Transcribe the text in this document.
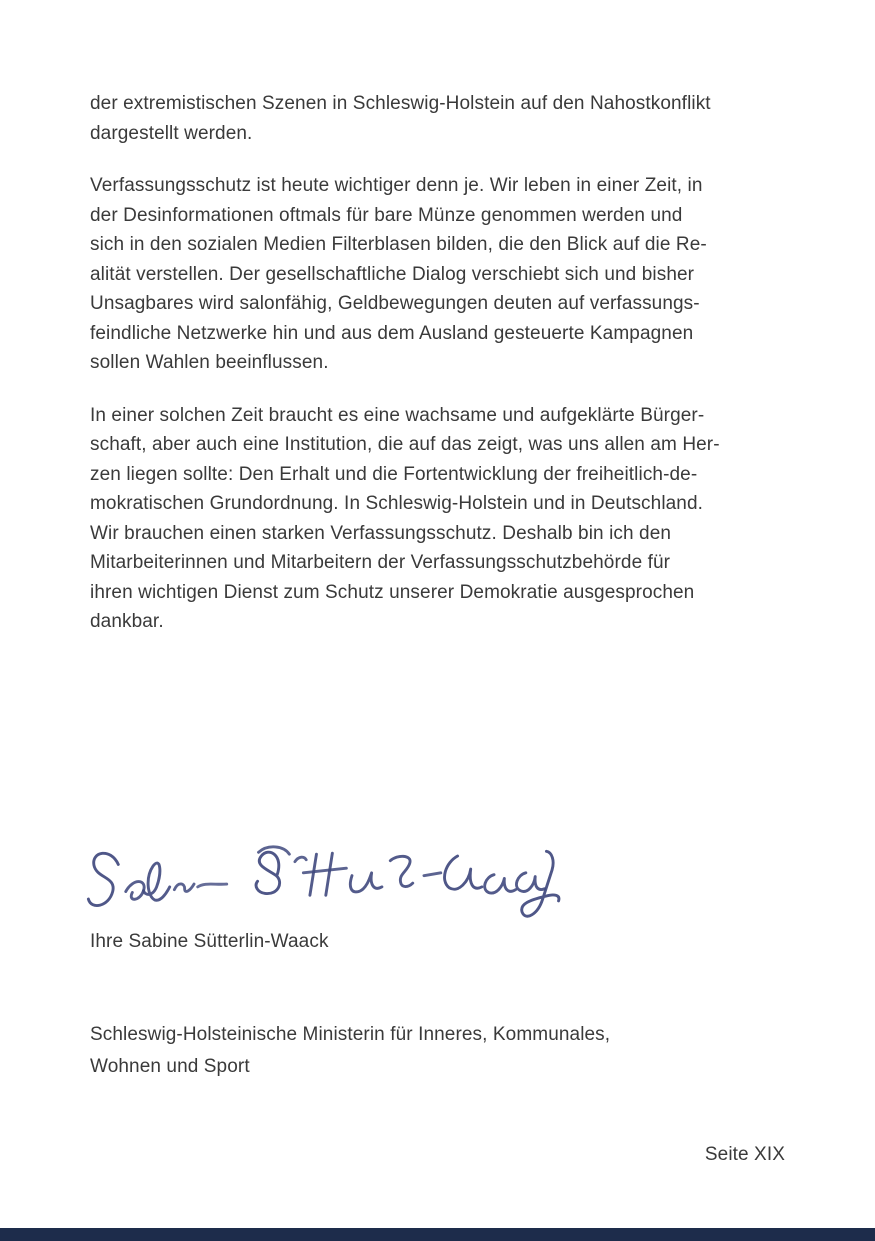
der extremistischen Szenen in Schleswig-Holstein auf den Nahostkonflikt
dargestellt werden.

Verfassungsschutz ist heute wichtiger denn je. Wir leben in einer Zeit, in
der Desinformationen oftmals für bare Münze genommen werden und
sich in den sozialen Medien Filterblasen bilden, die den Blick auf die Re-
alität verstellen. Der gesellschaftliche Dialog verschiebt sich und bisher
Unsagbares wird salonfähig, Geldbewegungen deuten auf verfassungs-
feindliche Netzwerke hin und aus dem Ausland gesteuerte Kampagnen
sollen Wahlen beeinflussen.

In einer solchen Zeit braucht es eine wachsame und aufgeklärte Bürger-
schaft, aber auch eine Institution, die auf das zeigt, was uns allen am Her-
zen liegen sollte: Den Erhalt und die Fortentwicklung der freiheitlich-de-
mokratischen Grundordnung. In Schleswig-Holstein und in Deutschland.
Wir brauchen einen starken Verfassungsschutz. Deshalb bin ich den
Mitarbeiterinnen und Mitarbeitern der Verfassungsschutzbehörde für
ihren wichtigen Dienst zum Schutz unserer Demokratie ausgesprochen
dankbar.

Ihre Sabine Sütterlin-Waack
Schleswig-Holsteinische Ministerin für Inneres, Kommunales,
Wohnen und Sport
Seite XIX
